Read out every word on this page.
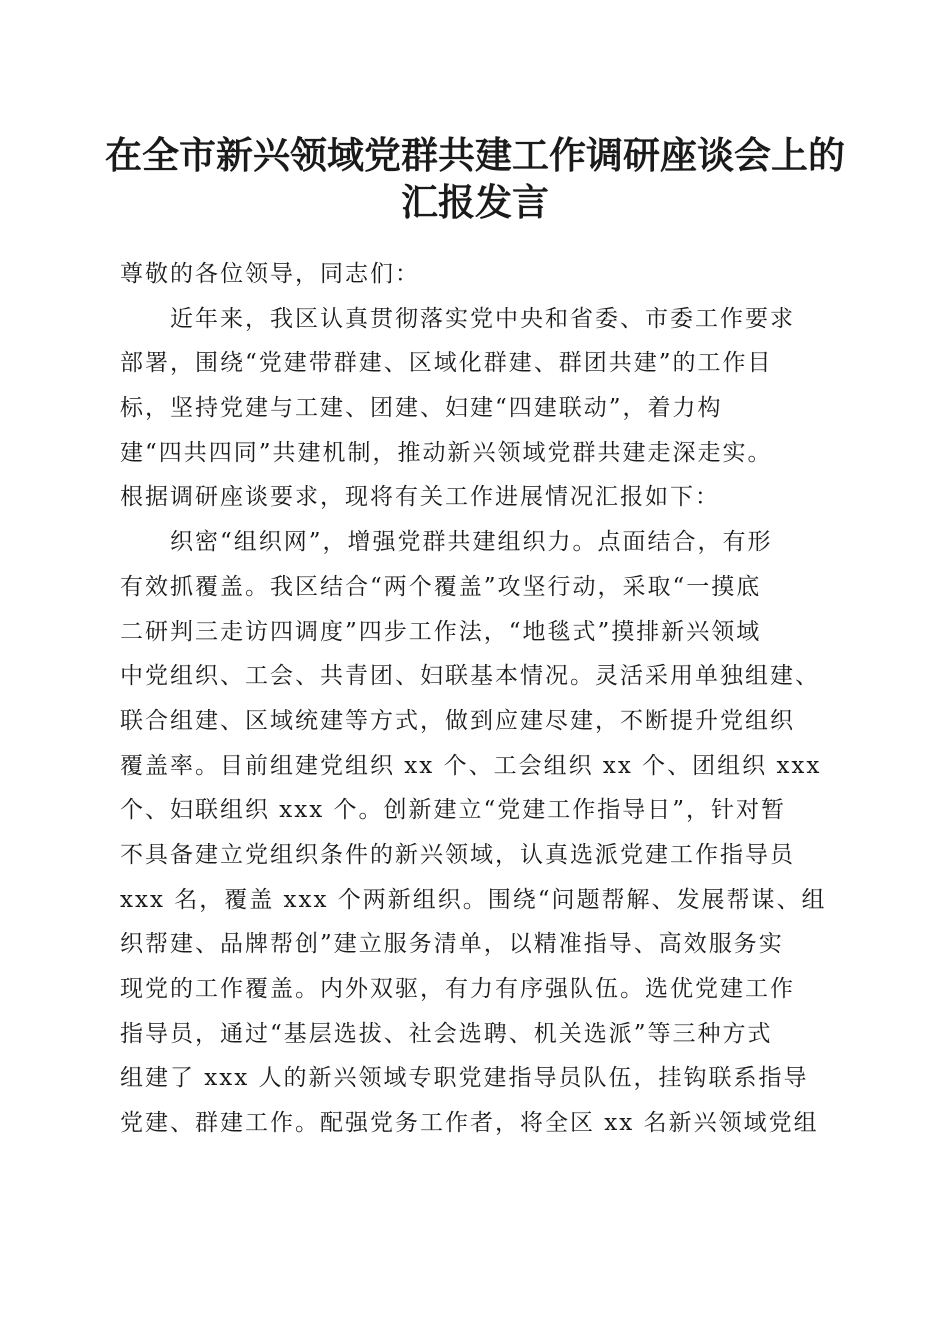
在全市新兴领域党群共建工作调研座谈会上的
汇报发言
尊敬的各位领导，同志们：
近年来，我区认真贯彻落实党中央和省委、市委工作要求
部署，围绕“党建带群建、区域化群建、群团共建”的工作目
标，坚持党建与工建、团建、妇建“四建联动”，着力构
建“四共四同”共建机制，推动新兴领域党群共建走深走实。
根据调研座谈要求，现将有关工作进展情况汇报如下：
织密“组织网”，增强党群共建组织力。点面结合，有形
有效抓覆盖。我区结合“两个覆盖”攻坚行动，采取“一摸底
二研判三走访四调度”四步工作法，“地毯式”摸排新兴领域
中党组织、工会、共青团、妇联基本情况。灵活采用单独组建、
联合组建、区域统建等方式，做到应建尽建，不断提升党组织
覆盖率。目前组建党组织 xx 个、工会组织 xx 个、团组织 xxx
个、妇联组织 xxx 个。创新建立“党建工作指导日”，针对暂
不具备建立党组织条件的新兴领域，认真选派党建工作指导员
xxx 名，覆盖 xxx 个两新组织。围绕“问题帮解、发展帮谋、组
织帮建、品牌帮创”建立服务清单，以精准指导、高效服务实
现党的工作覆盖。内外双驱，有力有序强队伍。选优党建工作
指导员，通过“基层选拔、社会选聘、机关选派”等三种方式
组建了 xxx 人的新兴领域专职党建指导员队伍，挂钩联系指导
党建、群建工作。配强党务工作者，将全区 xx 名新兴领域党组
